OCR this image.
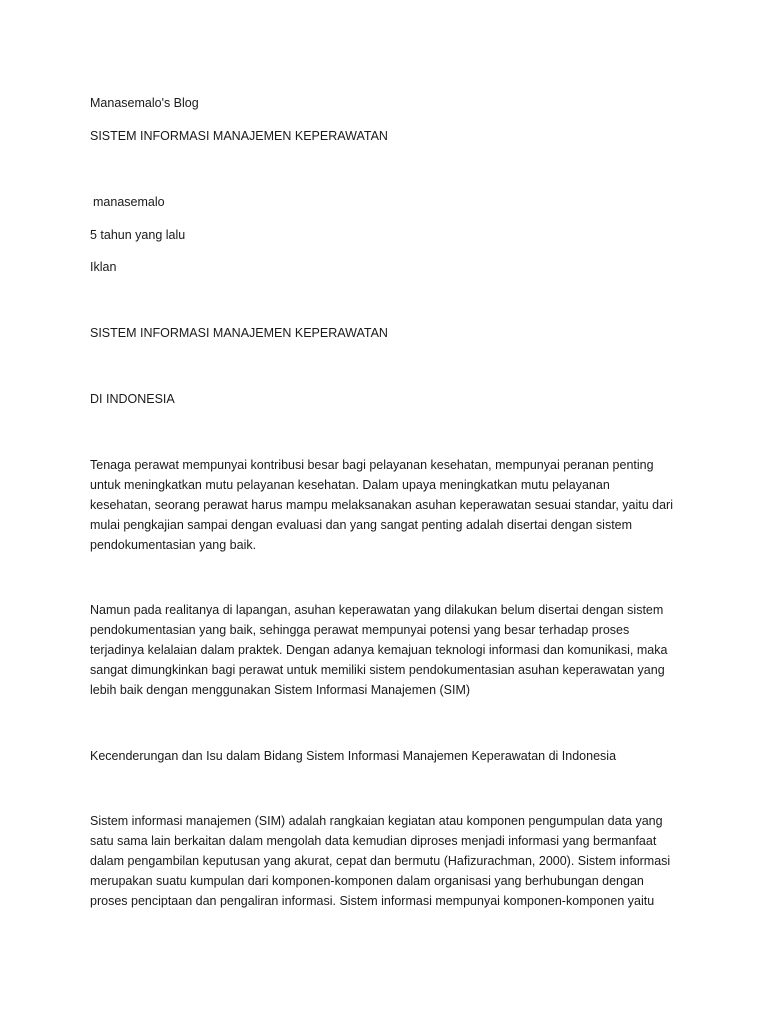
Manasemalo's Blog

SISTEM INFORMASI MANAJEMEN KEPERAWATAN

manasemalo

5 tahun yang lalu

Iklan

SISTEM INFORMASI MANAJEMEN KEPERAWATAN

DI INDONESIA

Tenaga perawat mempunyai kontribusi besar bagi pelayanan kesehatan, mempunyai peranan penting
untuk meningkatkan mutu pelayanan kesehatan. Dalam upaya meningkatkan mutu pelayanan
kesehatan, seorang perawat harus mampu melaksanakan asuhan keperawatan sesuai standar, yaitu dari
mulai pengkajian sampai dengan evaluasi dan yang sangat penting adalah disertai dengan sistem
pendokumentasian yang baik.
Namun pada realitanya di lapangan, asuhan keperawatan yang dilakukan belum disertai dengan sistem
pendokumentasian yang baik, sehingga perawat mempunyai potensi yang besar terhadap proses
terjadinya kelalaian dalam praktek. Dengan adanya kemajuan teknologi informasi dan komunikasi, maka
sangat dimungkinkan bagi perawat untuk memiliki sistem pendokumentasian asuhan keperawatan yang
lebih baik dengan menggunakan Sistem Informasi Manajemen (SIM)

Kecenderungan dan Isu dalam Bidang Sistem Informasi Manajemen Keperawatan di Indonesia

Sistem informasi manajemen (SIM) adalah rangkaian kegiatan atau komponen pengumpulan data yang
satu sama lain berkaitan dalam mengolah data kemudian diproses menjadi informasi yang bermanfaat
dalam pengambilan keputusan yang akurat, cepat dan bermutu (Hafizurachman, 2000). Sistem informasi
merupakan suatu kumpulan dari komponen-komponen dalam organisasi yang berhubungan dengan
proses penciptaan dan pengaliran informasi. Sistem informasi mempunyai komponen-komponen yaitu
